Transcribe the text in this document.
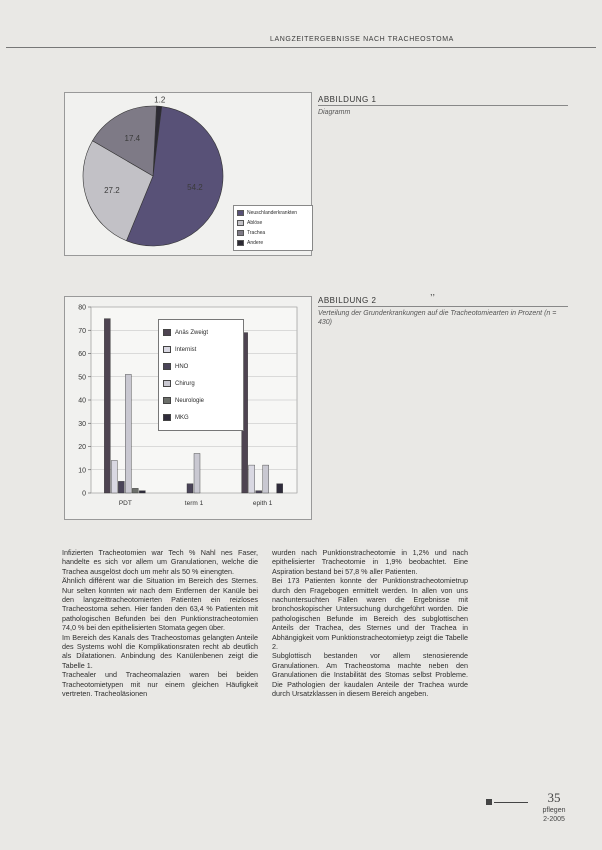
LANGZEITERGEBNISSE NACH TRACHEOSTOMA
1.2
54.2
27.2
17.4
Neuschlanderkrankten
Ablöse
Trachea
Andere
ABBILDUNG 1
Diagramm
,,
0
10
20
30
40
50
60
70
80
PDT	term 1	epith 1
Anäs Zweigt
Internist
HNO
Chirurg
Neurologie
MKG
ABBILDUNG 2
Verteilung der Grunderkrankungen auf die Tracheotomiearten in Prozent (n = 430)

Infizierten Tracheotomien war Tech % Nahl nes Faser, handelte es sich vor allem um Granulationen, welche die Trachea ausgelöst doch um mehr als 50 % einengten.

Ähnlich différent war die Situation im Bereich des Sternes. Nur selten konnten wir nach dem Entfernen der Kanüle bei den langzeittracheotomierten Patienten ein reizloses Tracheostoma sehen. Hier fanden den 63,4 % Patienten mit pathologischen Befunden bei den Punktionstracheotomien 74,0 % bei den epithelisierten Stomata gegen über.

Im Bereich des Kanals des Tracheostomas gelangten Anteile des Systems wohl die Komplikationsraten recht ab deutlich als Dilatationen. Anbindung des Kanülenbenen zeigt die Tabelle 1.

Trachealer und Tracheomalazien waren bei beiden Tracheotomietypen mit nur einem gleichen Häufigkeit vertreten. Tracheoläsionen

wurden nach Punktionstracheotomie in 1,2% und nach epithelisierter Tracheotomie in 1,9% beobachtet. Eine Aspiration bestand bei 57,8 % aller Patienten.

Bei 173 Patienten konnte der Punktionstracheotomietrup durch den Fragebogen ermittelt werden. In allen von uns nachuntersuchten Fällen waren die Ergebnisse mit bronchoskopischer Untersuchung durchgeführt worden. Die pathologischen Befunde im Bereich des subglottischen Anteils der Trachea, des Sternes und der Trachea in Abhängigkeit vom Punktionstracheotomietyp zeigt die Tabelle 2.

Subglottisch bestanden vor allem stenosierende Granulationen. Am Tracheostoma machte neben den Granulationen die Instabilität des Stomas selbst Probleme. Die Pathologien der kaudalen Anteile der Trachea wurde durch Ursatzklassen in diesem Bereich angeben.

35
pflegen
2-2005
